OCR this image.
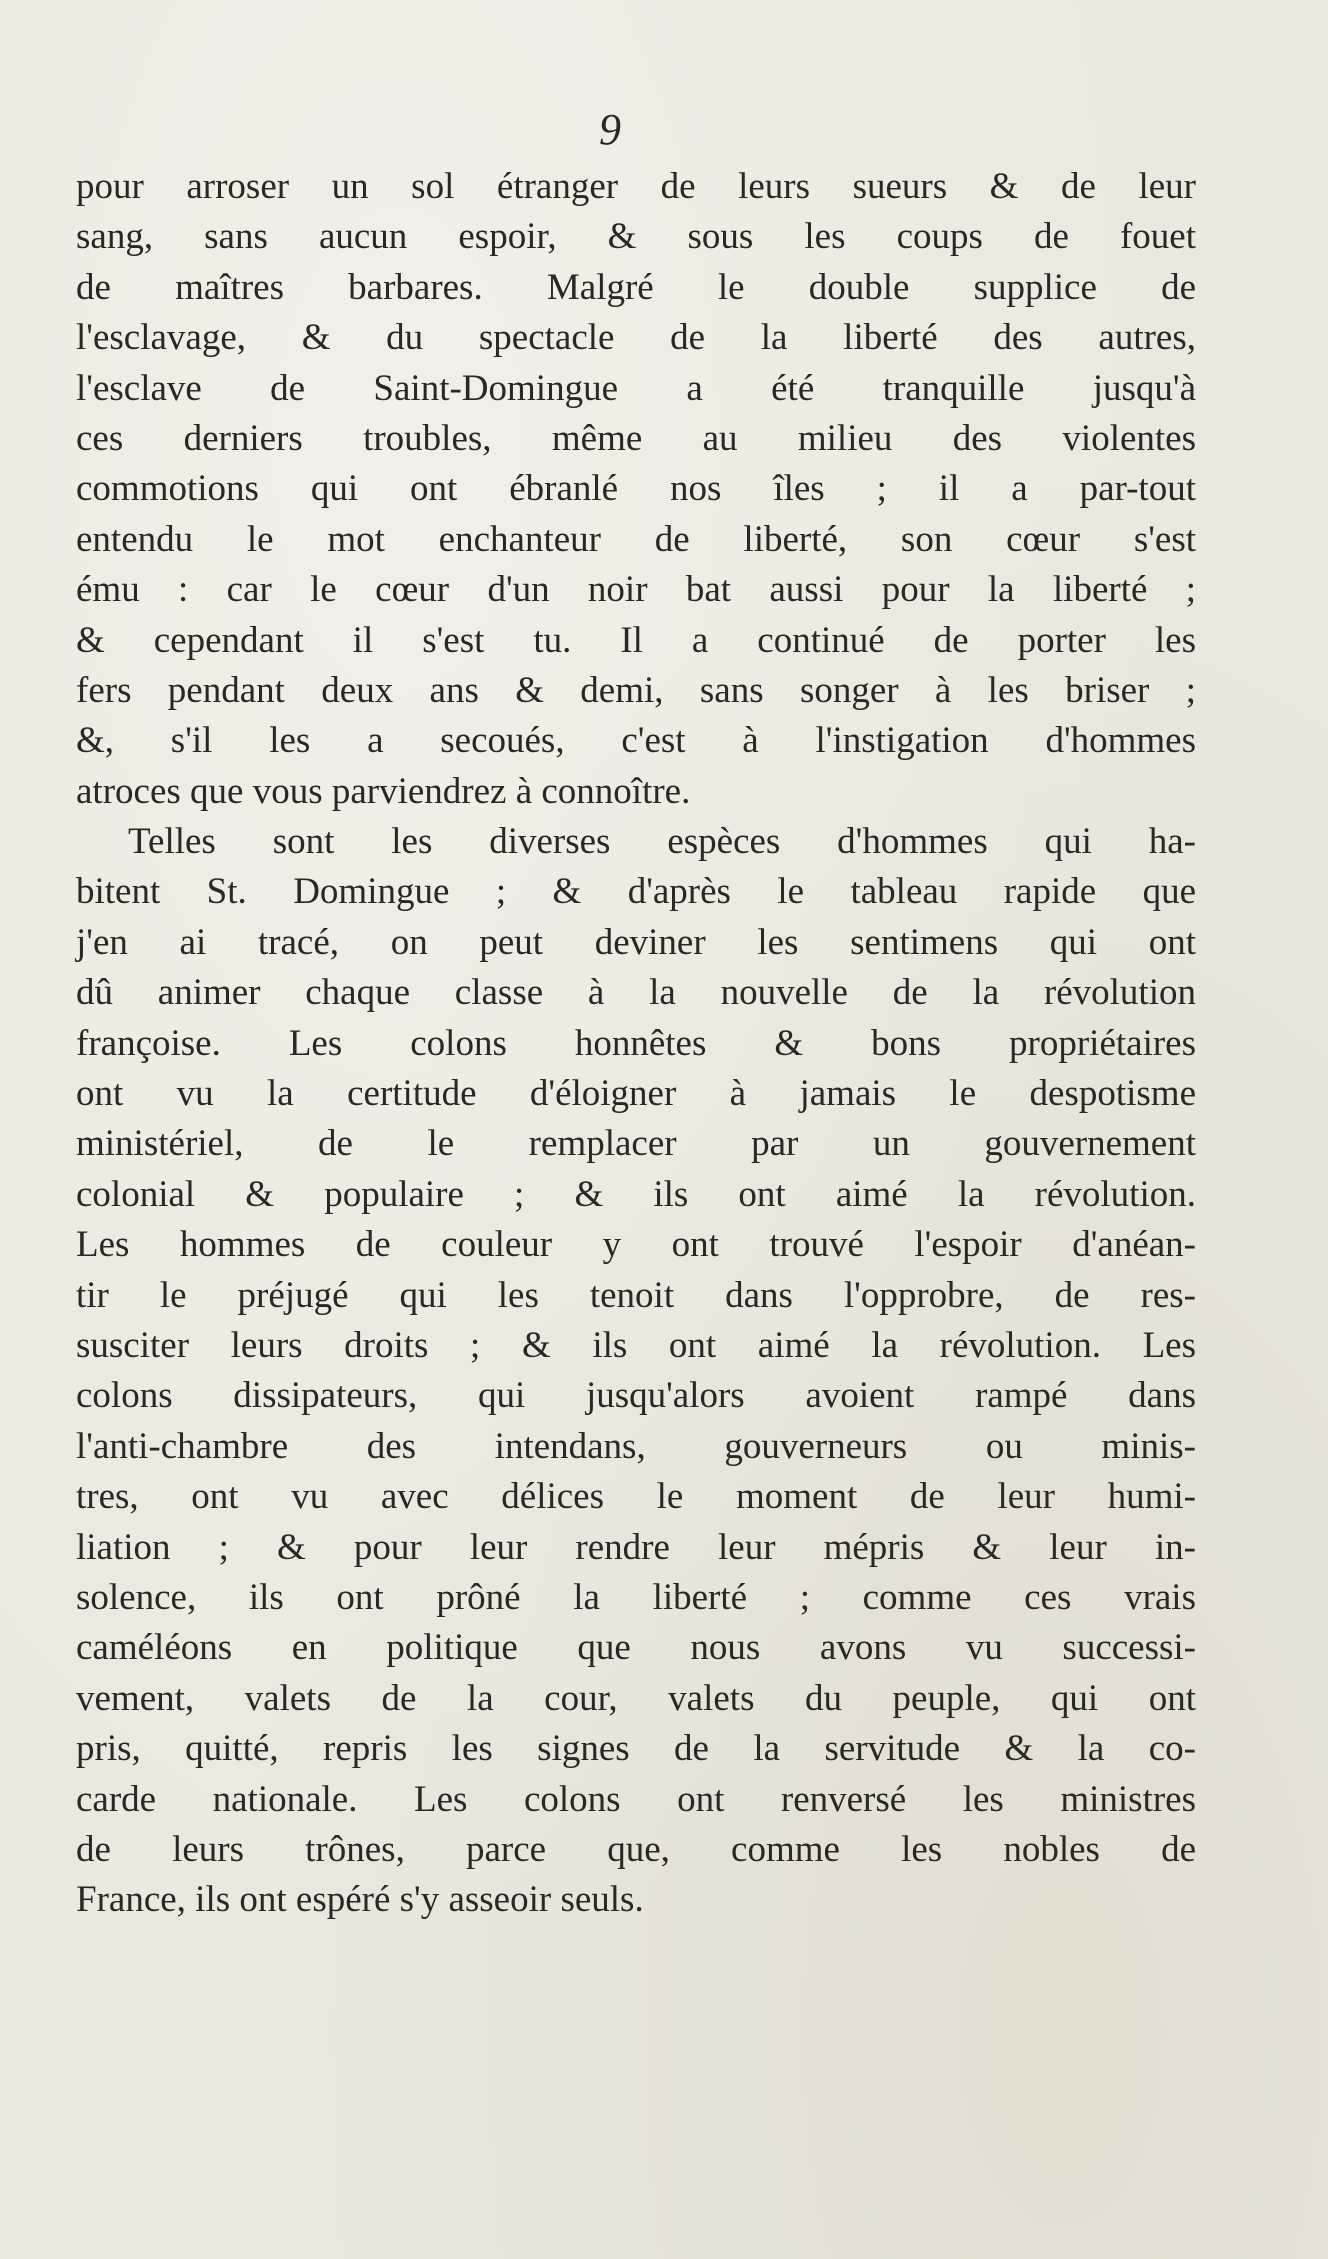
9
pour arroser un sol étranger de leurs sueurs & de leur
sang, sans aucun espoir, & sous les coups de fouet
de maîtres barbares. Malgré le double supplice de
l'esclavage, & du spectacle de la liberté des autres,
l'esclave de Saint-Domingue a été tranquille jusqu'à
ces derniers troubles, même au milieu des violentes
commotions qui ont ébranlé nos îles ; il a par-tout
entendu le mot enchanteur de liberté, son cœur s'est
ému : car le cœur d'un noir bat aussi pour la liberté ;
& cependant il s'est tu. Il a continué de porter les
fers pendant deux ans & demi, sans songer à les briser ;
&, s'il les a secoués, c'est à l'instigation d'hommes
atroces que vous parviendrez à connoître.
Telles sont les diverses espèces d'hommes qui ha-
bitent St. Domingue ; & d'après le tableau rapide que
j'en ai tracé, on peut deviner les sentimens qui ont
dû animer chaque classe à la nouvelle de la révolution
françoise. Les colons honnêtes & bons propriétaires
ont vu la certitude d'éloigner à jamais le despotisme
ministériel, de le remplacer par un gouvernement
colonial & populaire ; & ils ont aimé la révolution.
Les hommes de couleur y ont trouvé l'espoir d'anéan-
tir le préjugé qui les tenoit dans l'opprobre, de res-
susciter leurs droits ; & ils ont aimé la révolution. Les
colons dissipateurs, qui jusqu'alors avoient rampé dans
l'anti-chambre des intendans, gouverneurs ou minis-
tres, ont vu avec délices le moment de leur humi-
liation ; & pour leur rendre leur mépris & leur in-
solence, ils ont prôné la liberté ; comme ces vrais
caméléons en politique que nous avons vu successi-
vement, valets de la cour, valets du peuple, qui ont
pris, quitté, repris les signes de la servitude & la co-
carde nationale. Les colons ont renversé les ministres
de leurs trônes, parce que, comme les nobles de
France, ils ont espéré s'y asseoir seuls.
